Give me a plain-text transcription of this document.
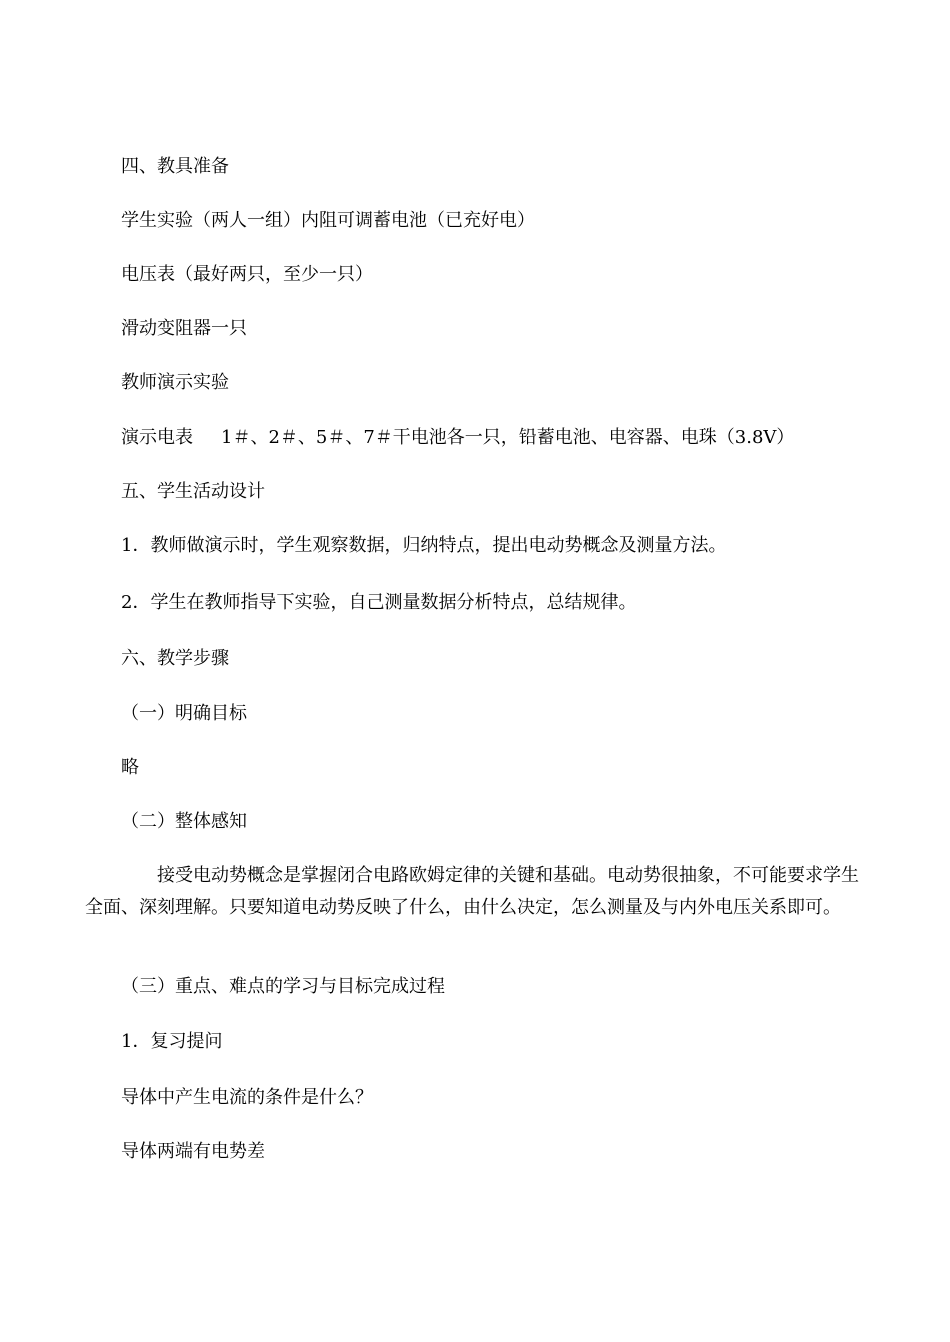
四、教具准备
学生实验（两人一组）内阻可调蓄电池（已充好电）
电压表（最好两只，至少一只）
滑动变阻器一只
教师演示实验
演示电表 1＃、2＃、5＃、7＃干电池各一只，铅蓄电池、电容器、电珠（3.8V）
五、学生活动设计
1．教师做演示时，学生观察数据，归纳特点，提出电动势概念及测量方法。
2．学生在教师指导下实验，自己测量数据分析特点，总结规律。
六、教学步骤
（一）明确目标
略
（二）整体感知
接受电动势概念是掌握闭合电路欧姆定律的关键和基础。电动势很抽象，不可能要求学生全面、深刻理解。只要知道电动势反映了什么，由什么决定，怎么测量及与内外电压关系即可。
（三）重点、难点的学习与目标完成过程
1．复习提问
导体中产生电流的条件是什么？
导体两端有电势差
